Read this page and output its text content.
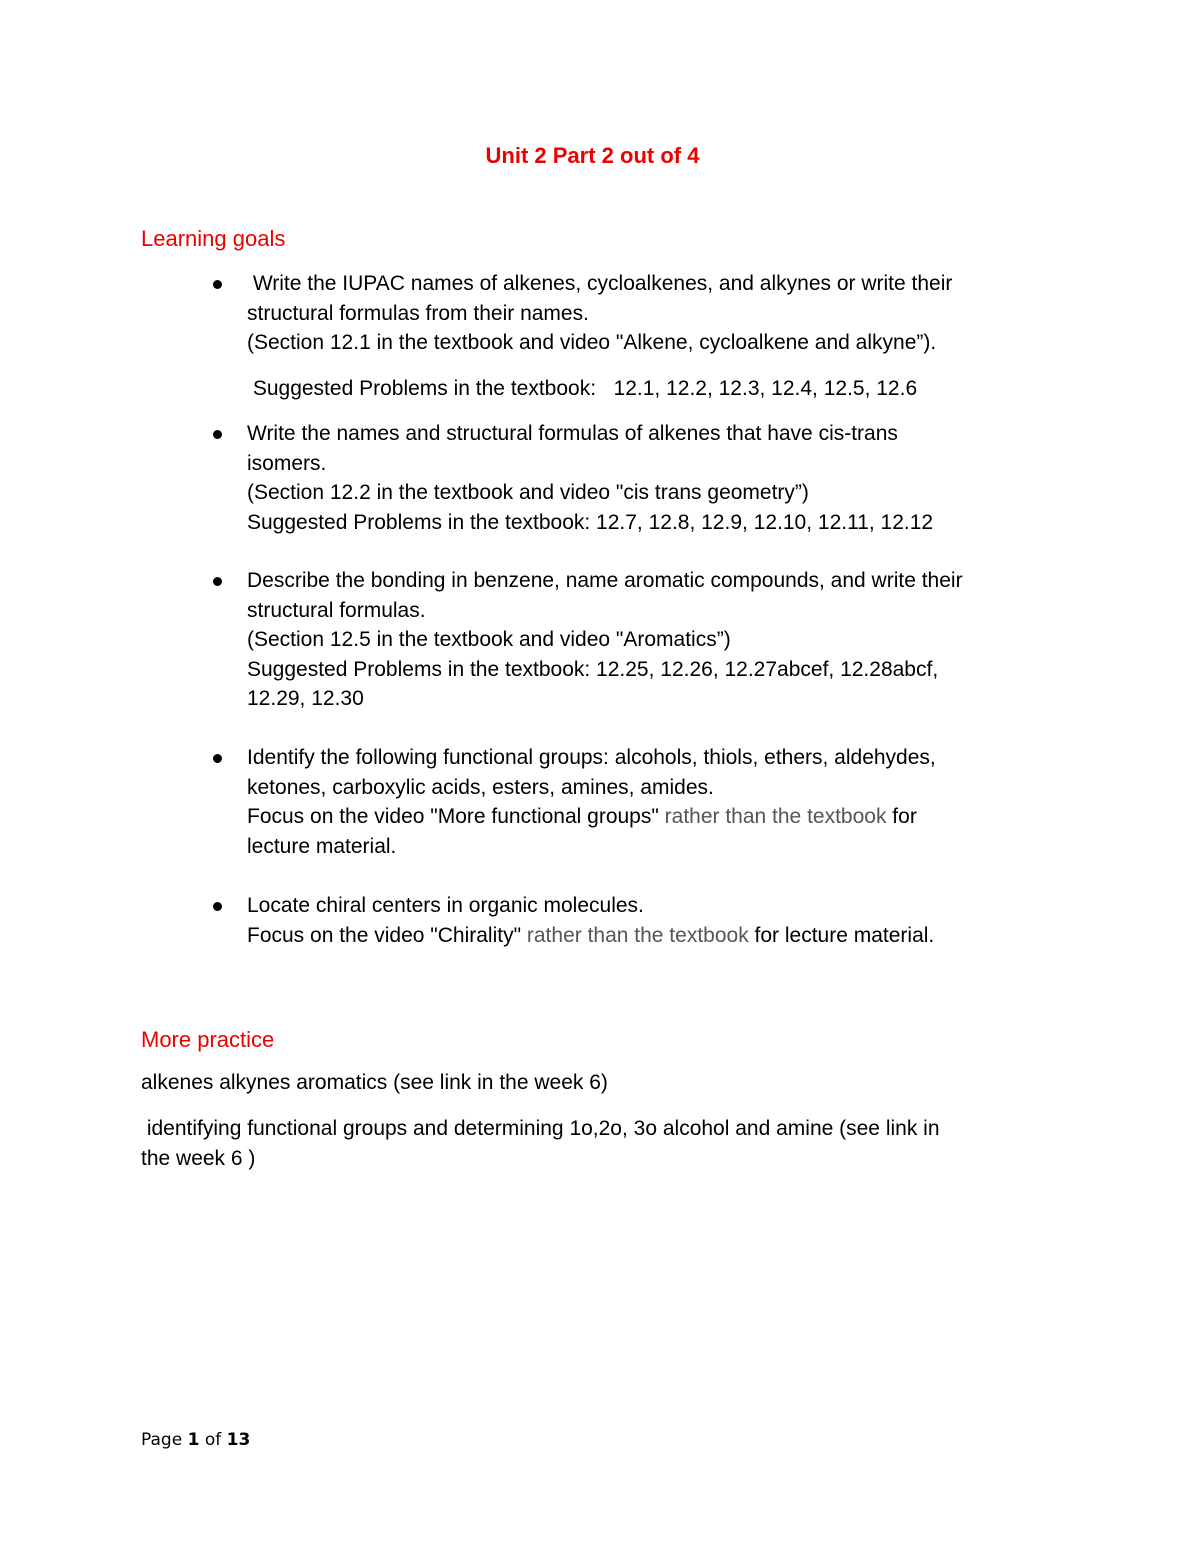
Unit 2 Part 2 out of 4
Learning goals

Write the IUPAC names of alkenes, cycloalkenes, and alkynes or write their

structural formulas from their names.

(Section 12.1 in the textbook and video "Alkene, cycloalkene and alkyne”).

Suggested Problems in the textbook:   12.1, 12.2, 12.3, 12.4, 12.5, 12.6

Write the names and structural formulas of alkenes that have cis-trans

isomers.

(Section 12.2 in the textbook and video "cis trans geometry”)

Suggested Problems in the textbook: 12.7, 12.8, 12.9, 12.10, 12.11, 12.12

Describe the bonding in benzene, name aromatic compounds, and write their

structural formulas.

(Section 12.5 in the textbook and video "Aromatics”)

Suggested Problems in the textbook: 12.25, 12.26, 12.27abcef, 12.28abcf,

12.29, 12.30

Identify the following functional groups: alcohols, thiols, ethers, aldehydes,

ketones, carboxylic acids, esters, amines, amides.

Focus on the video "More functional groups" rather than the textbook for

lecture material.

Locate chiral centers in organic molecules.

Focus on the video "Chirality" rather than the textbook for lecture material.

More practice
alkenes alkynes aromatics (see link in the week 6)
identifying functional groups and determining 1o,2o, 3o alcohol and amine (see link in
the week 6 )
Page 1 of 13
